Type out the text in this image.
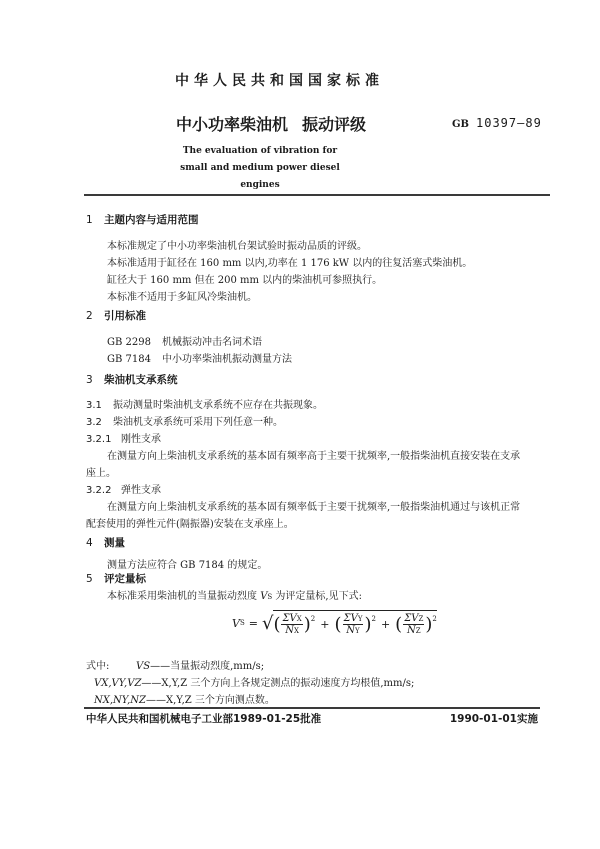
中华人民共和国国家标准
中小功率柴油机 振动评级	GB 10397—89
The evaluation of vibration for small and medium power diesel engines
1 主题内容与适用范围
本标准规定了中小功率柴油机台架试验时振动品质的评级。
本标准适用于缸径在 160 mm 以内,功率在 1 176 kW 以内的往复活塞式柴油机。
缸径大于 160 mm 但在 200 mm 以内的柴油机可参照执行。
本标准不适用于多缸风冷柴油机。
2 引用标准
GB 2298 机械振动冲击名词术语
GB 7184 中小功率柴油机振动测量方法
3 柴油机支承系统
3.1 振动测量时柴油机支承系统不应存在共振现象。
3.2 柴油机支承系统可采用下列任意一种。
3.2.1 刚性支承
在测量方向上柴油机支承系统的基本固有频率高于主要干扰频率,一般指柴油机直接安装在支承
座上。
3.2.2 弹性支承
在测量方向上柴油机支承系统的基本固有频率低于主要干扰频率,一般指柴油机通过与该机正常
配套使用的弹性元件(隔振器)安装在支承座上。
4 测量
测量方法应符合 GB 7184 的规定。
5 评定量标
本标准采用柴油机的当量振动烈度 VS 为评定量标,见下式:
V S = √ ( $\frac{\text{ΣVX}}{NX}$ ) 2 + ( $\frac{\text{ΣVY}}{NY}$ ) 2 + ( $\frac{\text{ΣVZ}}{NZ}$ ) 2
式中:	VS——当量振动烈度,mm/s;
VX,VY,VZ——X,Y,Z 三个方向上各规定测点的振动速度方均根值,mm/s;
NX,NY,NZ——X,Y,Z 三个方向测点数。
中华人民共和国机械电子工业部1989-01-25批准	1990-01-01实施
